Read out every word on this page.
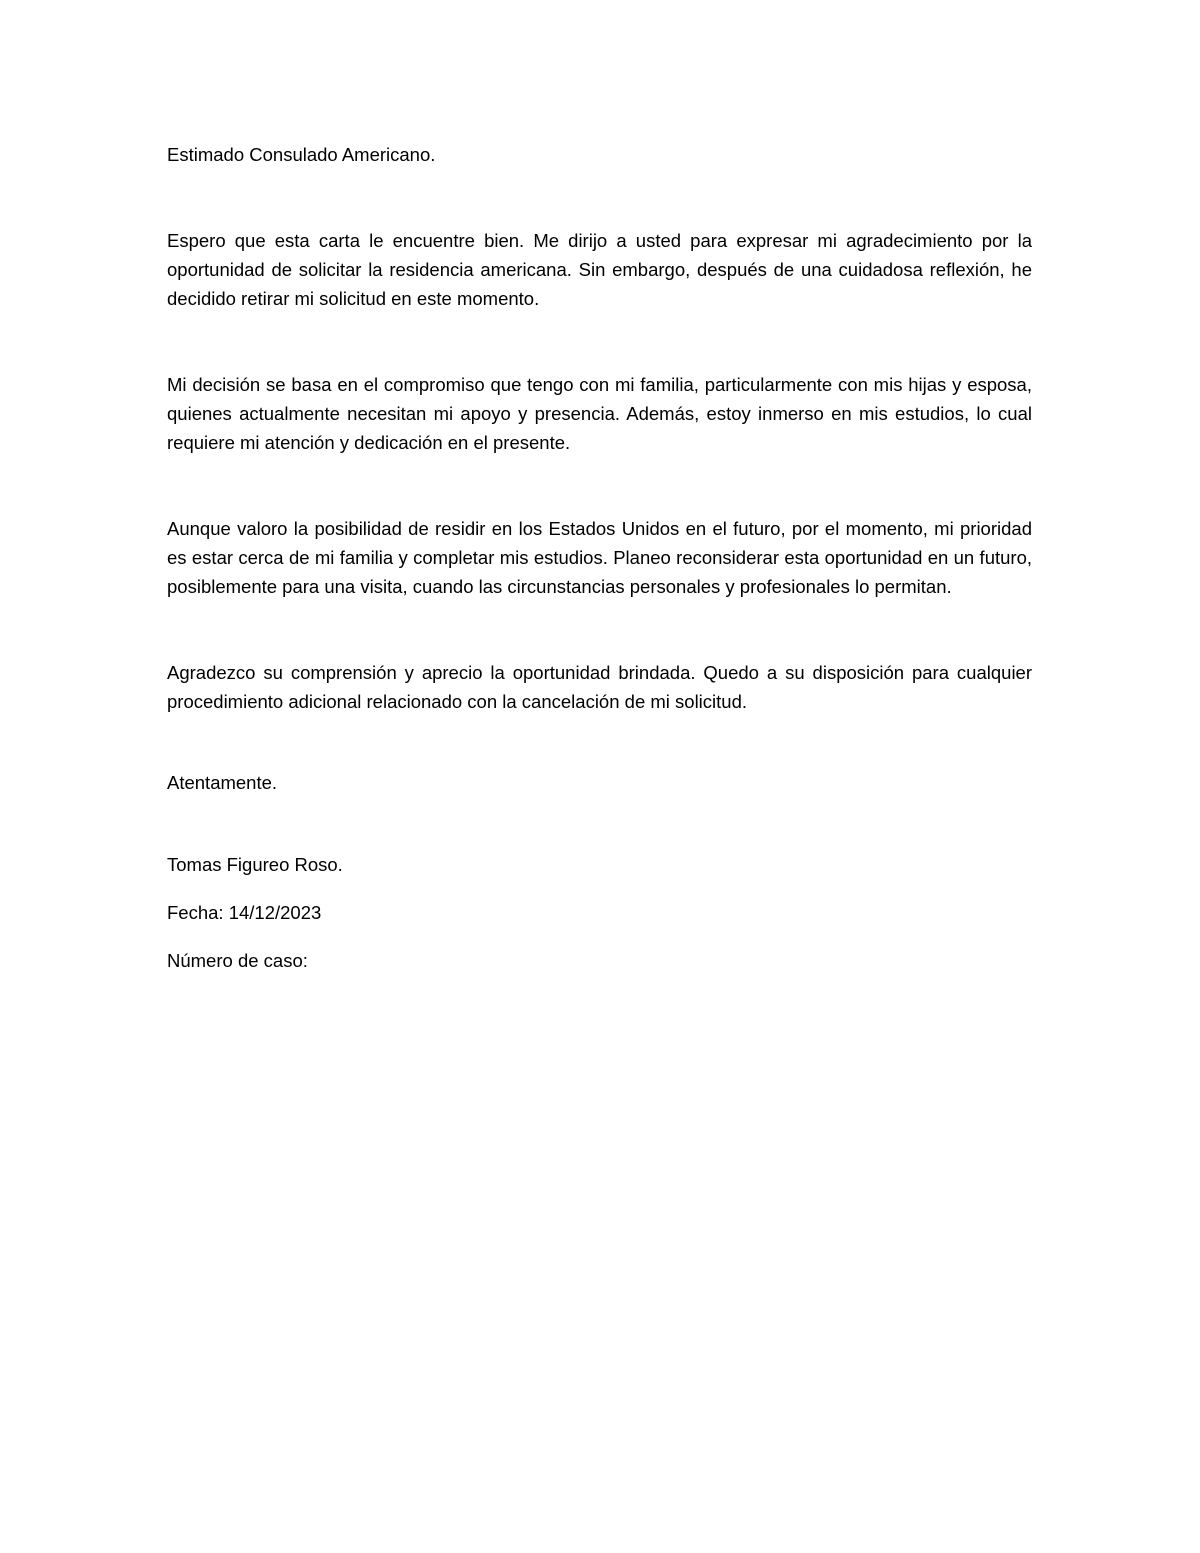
Estimado Consulado Americano.

Espero que esta carta le encuentre bien. Me dirijo a usted para expresar mi agradecimiento por la oportunidad de solicitar la residencia americana. Sin embargo, después de una cuidadosa reflexión, he decidido retirar mi solicitud en este momento.

Mi decisión se basa en el compromiso que tengo con mi familia, particularmente con mis hijas y esposa, quienes actualmente necesitan mi apoyo y presencia. Además, estoy inmerso en mis estudios, lo cual requiere mi atención y dedicación en el presente.

Aunque valoro la posibilidad de residir en los Estados Unidos en el futuro, por el momento, mi prioridad es estar cerca de mi familia y completar mis estudios. Planeo reconsiderar esta oportunidad en un futuro, posiblemente para una visita, cuando las circunstancias personales y profesionales lo permitan.

Agradezco su comprensión y aprecio la oportunidad brindada. Quedo a su disposición para cualquier procedimiento adicional relacionado con la cancelación de mi solicitud.

Atentamente.

Tomas Figureo Roso.

Fecha: 14/12/2023

Número de caso:
